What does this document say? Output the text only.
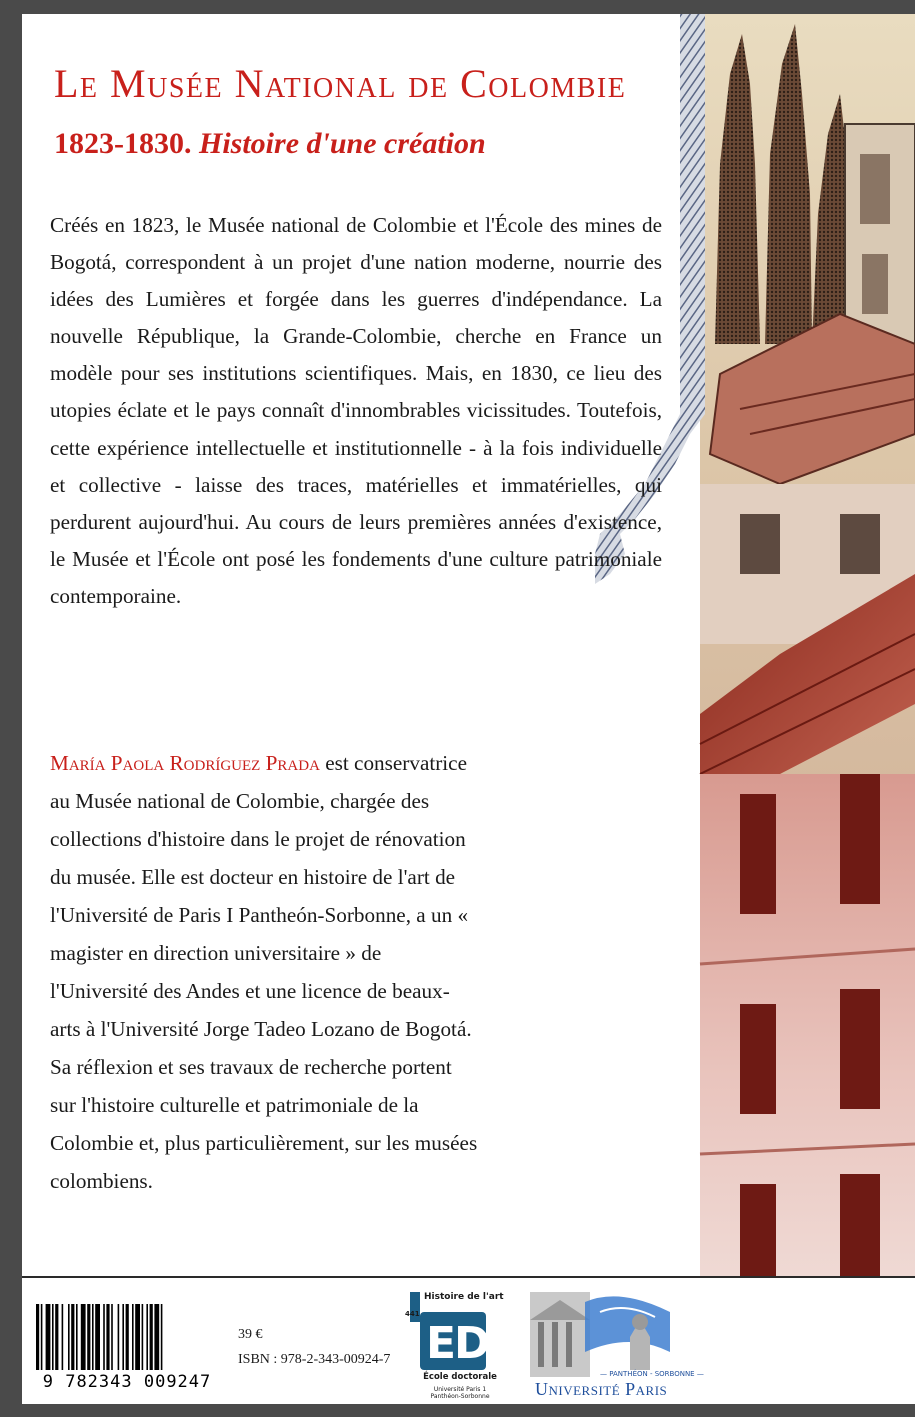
Le Musée National de Colombie
1823-1830. Histoire d'une création

Créés en 1823, le Musée national de Colombie et l'École des mines de Bogotá, correspondent à un projet d'une nation moderne, nourrie des idées des Lumières et forgée dans les guerres d'indépendance. La nouvelle République, la Grande-Colombie, cherche en France un modèle pour ses institutions scientifiques. Mais, en 1830, ce lieu des utopies éclate et le pays connaît d'innombrables vicissitudes. Toutefois, cette expérience intellectuelle et institutionnelle - à la fois individuelle et collective - laisse des traces, matérielles et immatérielles, qui perdurent aujourd'hui. Au cours de leurs premières années d'existence, le Musée et l'École ont posé les fondements d'une culture patrimoniale contemporaine.

María Paola Rodríguez Prada est conservatrice au Musée national de Colombie, chargée des collections d'histoire dans le projet de rénovation du musée. Elle est docteur en histoire de l'art de l'Université de Paris I Pantheón-Sorbonne, a un « magister en direction universitaire » de l'Université des Andes et une licence de beaux-arts à l'Université Jorge Tadeo Lozano de Bogotá. Sa réflexion et ses travaux de recherche portent sur l'histoire culturelle et patrimoniale de la Colombie et, plus particulièrement, sur les musées colombiens.

9 782343 009247
39 €
ISBN : 978-2-343-00924-7
Histoire de l'art
441
ED
École doctorale
Université Paris 1 Panthéon-Sorbonne
— PANTHÉON - SORBONNE —
Université Paris
